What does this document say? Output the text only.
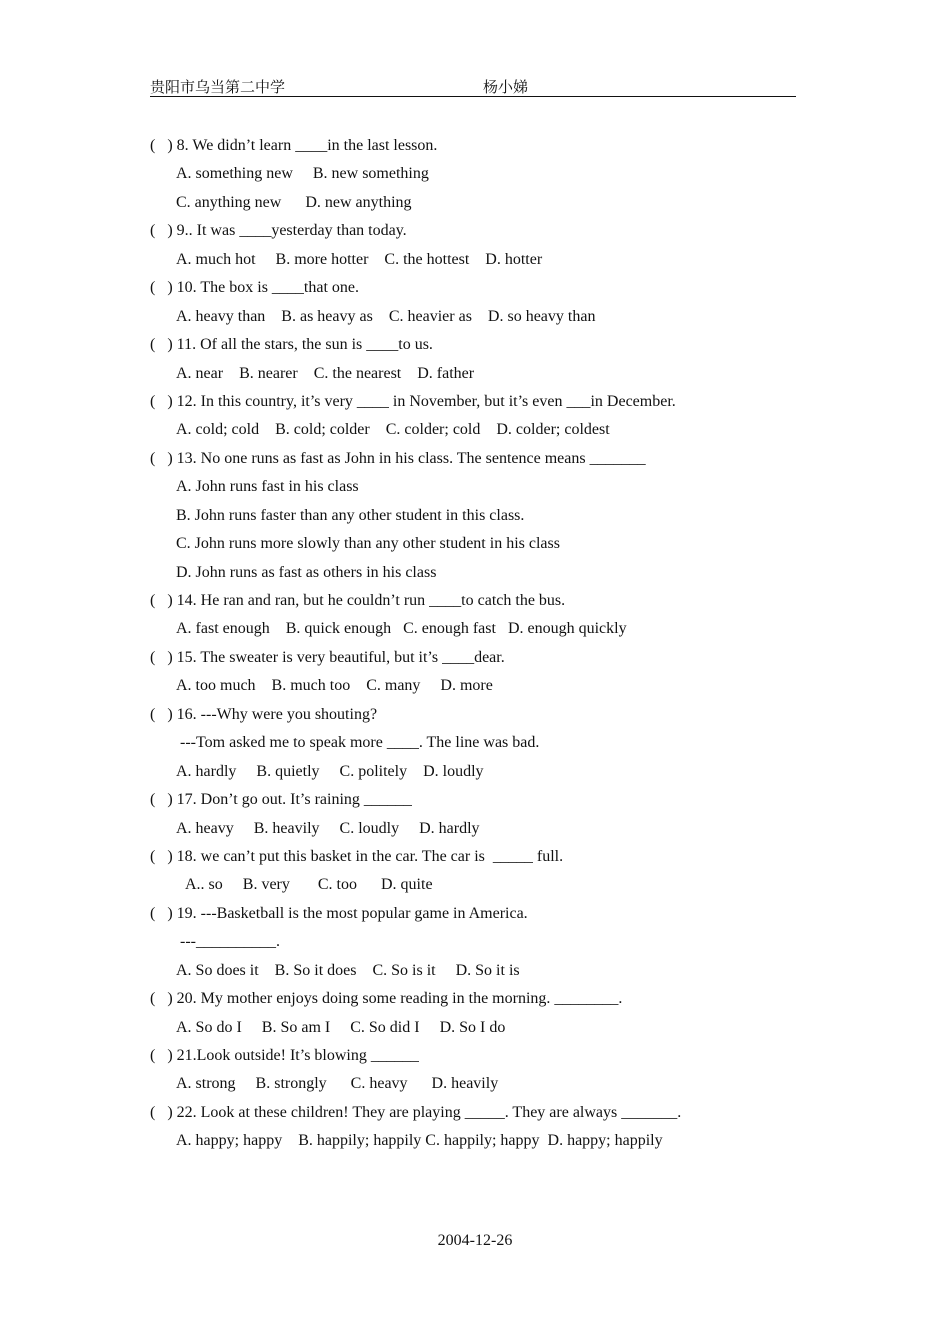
贵阳市乌当第二中学	杨小娣
(   ) 8. We didn’t learn ____in the last lesson.
A. something new     B. new something
C. anything new      D. new anything
(   ) 9.. It was ____yesterday than today.
A. much hot     B. more hotter    C. the hottest    D. hotter
(   ) 10. The box is ____that one.
A. heavy than    B. as heavy as    C. heavier as    D. so heavy than
(   ) 11. Of all the stars, the sun is ____to us.
A. near    B. nearer    C. the nearest    D. father
(   ) 12. In this country, it’s very ____ in November, but it’s even ___in December.
A. cold; cold    B. cold; colder    C. colder; cold    D. colder; coldest
(   ) 13. No one runs as fast as John in his class. The sentence means _______
A. John runs fast in his class
B. John runs faster than any other student in this class.
C. John runs more slowly than any other student in his class
D. John runs as fast as others in his class
(   ) 14. He ran and ran, but he couldn’t run ____to catch the bus.
A. fast enough    B. quick enough   C. enough fast   D. enough quickly
(   ) 15. The sweater is very beautiful, but it’s ____dear.
A. too much    B. much too    C. many     D. more
(   ) 16. ---Why were you shouting?
---Tom asked me to speak more ____. The line was bad.
A. hardly     B. quietly     C. politely    D. loudly
(   ) 17. Don’t go out. It’s raining ______
A. heavy     B. heavily     C. loudly     D. hardly
(   ) 18. we can’t put this basket in the car. The car is  _____ full.
A.. so     B. very       C. too      D. quite
(   ) 19. ---Basketball is the most popular game in America.
---__________.
A. So does it    B. So it does    C. So is it     D. So it is
(   ) 20. My mother enjoys doing some reading in the morning. ________.
A. So do I     B. So am I     C. So did I     D. So I do
(   ) 21.Look outside! It’s blowing ______
A. strong     B. strongly      C. heavy      D. heavily
(   ) 22. Look at these children! They are playing _____. They are always _______.
A. happy; happy    B. happily; happily C. happily; happy  D. happy; happily
2004-12-26
